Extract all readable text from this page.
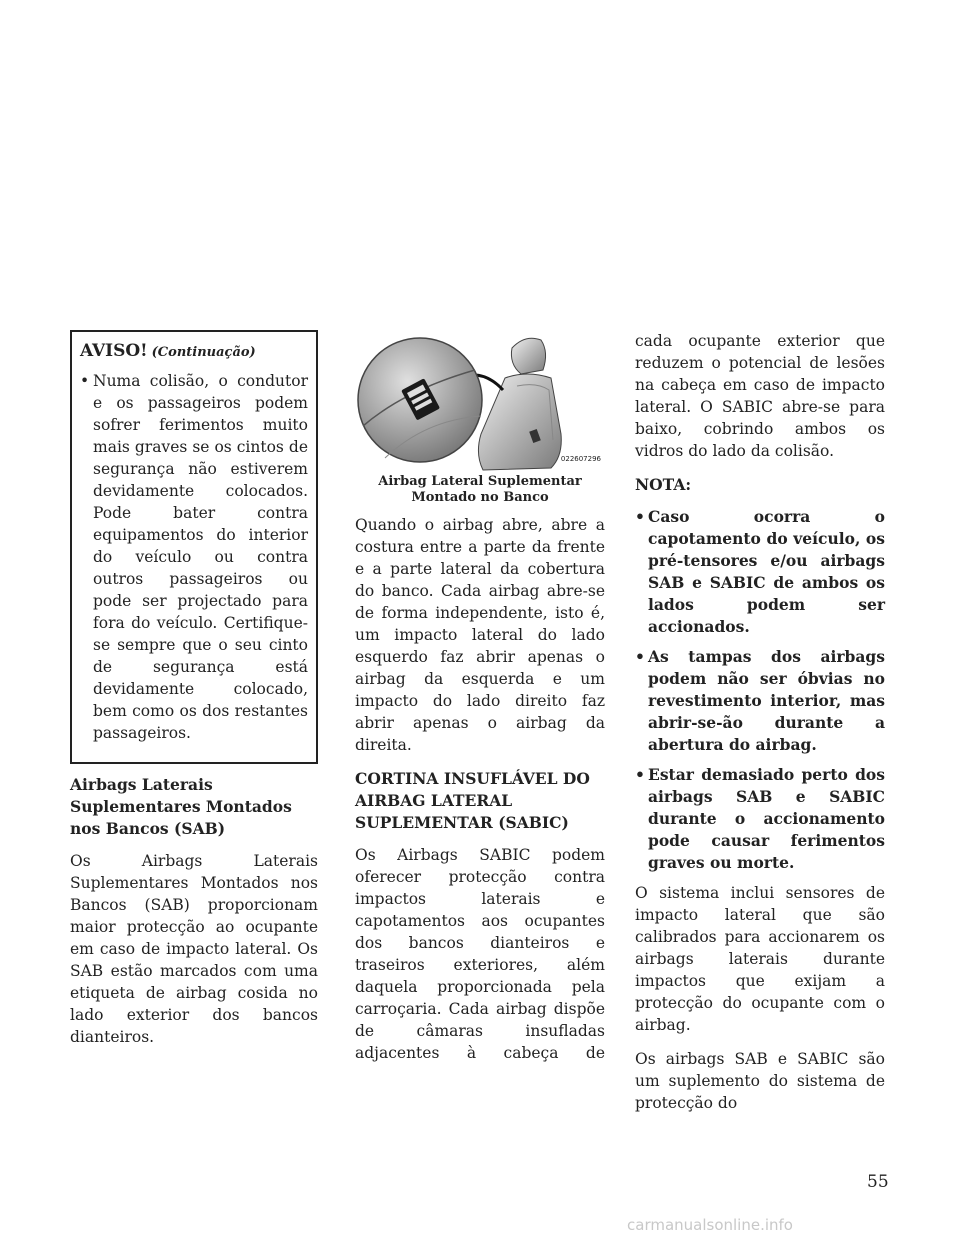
AVISO! (Continuação)
• Numa colisão, o condutor e os passageiros podem sofrer ferimentos muito mais graves se os cintos de segurança não estiverem devidamente colocados. Pode bater contra equipamentos do interior do veículo ou contra outros passageiros ou pode ser projectado para fora do veículo. Certifique-se sempre que o seu cinto de segurança está devidamente colocado, bem como os dos restantes passageiros.
Airbags Laterais Suplementares Montados nos Bancos (SAB)

Os Airbags Laterais Suplementares Montados nos Bancos (SAB) proporcionam maior protecção ao ocupante em caso de impacto lateral. Os SAB estão marcados com uma etiqueta de airbag cosida no lado exterior dos bancos dianteiros.

022607296
Airbag Lateral Suplementar Montado no Banco

Quando o airbag abre, abre a costura entre a parte da frente e a parte lateral da cobertura do banco. Cada airbag abre-se de forma independente, isto é, um impacto lateral do lado esquerdo faz abrir apenas o airbag da esquerda e um impacto do lado direito faz abrir apenas o airbag da direita.

CORTINA INSUFLÁVEL DO AIRBAG LATERAL SUPLEMENTAR (SABIC)

Os Airbags SABIC podem oferecer protecção contra impactos laterais e capotamentos aos ocupantes dos bancos dianteiros e traseiros exteriores, além daquela proporcionada pela carroçaria. Cada airbag dispõe de câmaras insufladas adjacentes à cabeça de

cada ocupante exterior que reduzem o potencial de lesões na cabeça em caso de impacto lateral. O SABIC abre-se para baixo, cobrindo ambos os vidros do lado da colisão.

NOTA:
• Caso ocorra o capotamento do veículo, os pré-tensores e/ou airbags SAB e SABIC de ambos os lados podem ser accionados.
• As tampas dos airbags podem não ser óbvias no revestimento interior, mas abrir-se-ão durante a abertura do airbag.
• Estar demasiado perto dos airbags SAB e SABIC durante o accionamento pode causar ferimentos graves ou morte.

O sistema inclui sensores de impacto lateral que são calibrados para accionarem os airbags laterais durante impactos que exijam a protecção do ocupante com o airbag.

Os airbags SAB e SABIC são um suplemento do sistema de protecção do

55
carmanualsonline.info
